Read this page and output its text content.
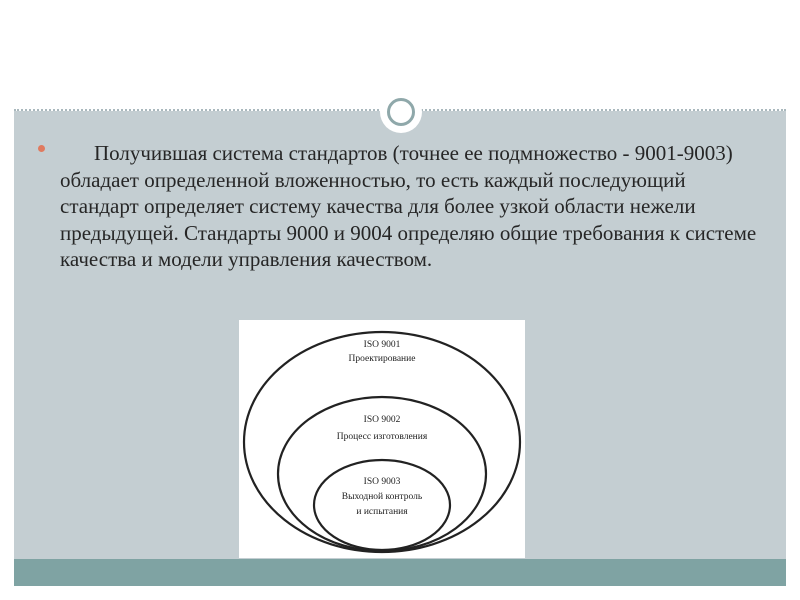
Получившая система стандартов (точнее ее подмножество - 9001-9003) обладает определенной вложенностью, то есть каждый последующий стандарт определяет систему качества для более узкой области нежели предыдущей. Стандарты 9000 и 9004 определяю общие требования к системе качества и модели управления качеством.

ISO 9001
Проектирование
ISO 9002
Процесс изготовления
ISO 9003
Выходной контроль
и испытания
